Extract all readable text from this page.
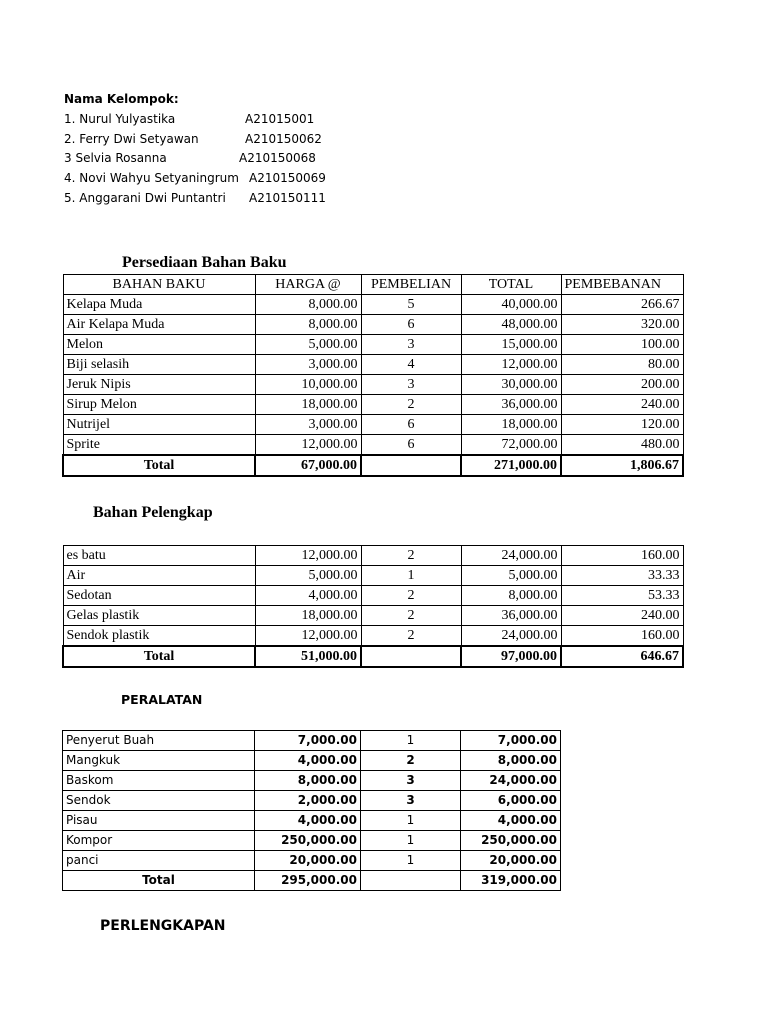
Nama Kelompok:
1. Nurul Yulyastika	A21015001
2. Ferry Dwi Setyawan	A210150062
3 Selvia Rosanna	A210150068
4. Novi Wahyu Setyaningrum A210150069
5. Anggarani Dwi Puntantri A210150111
Persediaan Bahan Baku
BAHAN BAKU	HARGA @	PEMBELIAN	TOTAL	PEMBEBANAN
Kelapa Muda	8,000.00	5	40,000.00	266.67
Air Kelapa Muda	8,000.00	6	48,000.00	320.00
Melon	5,000.00	3	15,000.00	100.00
Biji selasih	3,000.00	4	12,000.00	80.00
Jeruk Nipis	10,000.00	3	30,000.00	200.00
Sirup Melon	18,000.00	2	36,000.00	240.00
Nutrijel	3,000.00	6	18,000.00	120.00
Sprite	12,000.00	6	72,000.00	480.00
Total	67,000.00		271,000.00	1,806.67
Bahan Pelengkap
es batu	12,000.00	2	24,000.00	160.00
Air	5,000.00	1	5,000.00	33.33
Sedotan	4,000.00	2	8,000.00	53.33
Gelas plastik	18,000.00	2	36,000.00	240.00
Sendok plastik	12,000.00	2	24,000.00	160.00
Total	51,000.00		97,000.00	646.67
PERALATAN
Penyerut Buah	7,000.00	1	7,000.00
Mangkuk	4,000.00	2	8,000.00
Baskom	8,000.00	3	24,000.00
Sendok	2,000.00	3	6,000.00
Pisau	4,000.00	1	4,000.00
Kompor	250,000.00	1	250,000.00
panci	20,000.00	1	20,000.00
Total	295,000.00		319,000.00
PERLENGKAPAN
